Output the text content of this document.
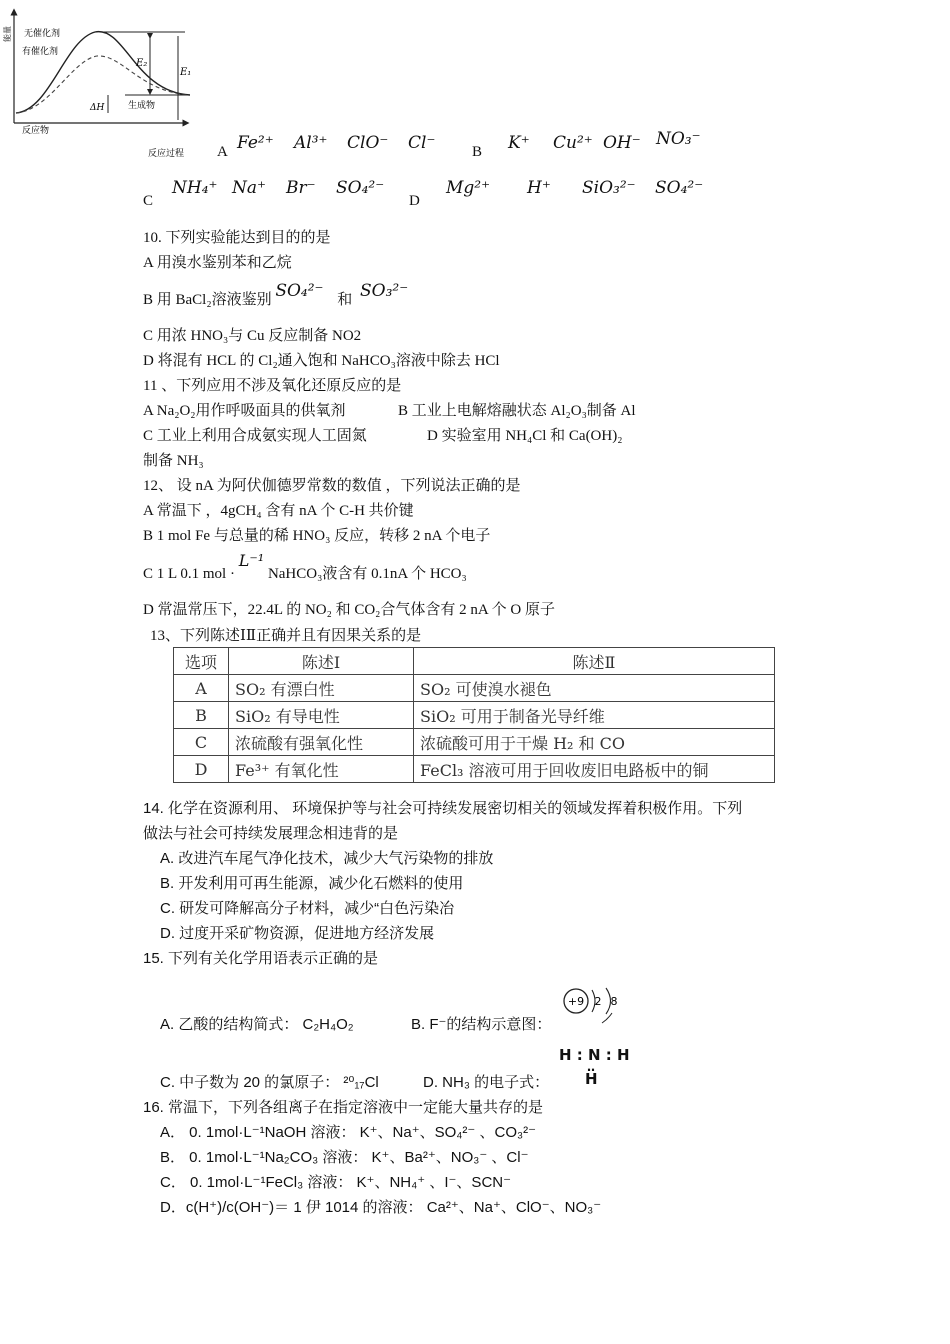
能量 无催化剂
有催化剂
E₂
E₁
ΔH	生成物
反应物
反应过程 A Fe²⁺ Al³⁺ ClO⁻ Cl⁻ B K⁺ Cu²⁺ OH⁻ NO₃⁻
C
NH₄⁺ Na⁺ Br⁻ SO₄²⁻
D
Mg²⁺ H⁺ SiO₃²⁻ SO₄²⁻
10. 下列实验能达到目的的是
A 用溴水鉴别苯和乙烷
B 用 BaCl₂溶液鉴别 SO₄²⁻ 和 SO₃²⁻
C 用浓 HNO₃与 Cu 反应制备 NO2
D 将混有 HCL 的 Cl₂通入饱和 NaHCO₃溶液中除去 HCl
11 、下列应用不涉及氧化还原反应的是
A Na₂O₂用作呼吸面具的供氧剂	B 工业上电解熔融状态 Al₂O₃制备 Al
C 工业上利用合成氨实现人工固氮	D 实验室用 NH₄Cl 和 Ca(OH)₂
制备 NH₃
12、 设 nA 为阿伏伽德罗常数的数值 ，下列说法正确的是
A 常温下 ，4gCH₄ 含有 nA 个 C-H 共价键
B 1 mol Fe 与总量的稀 HNO₃ 反应，转移 2 nA 个电子
C 1 L 0.1 mol · L⁻¹ NaHCO₃液含有 0.1nA 个 HCO₃
D 常温常压下，22.4L 的 NO₂ 和 CO₂合气体含有 2 nA 个 O 原子
13、下列陈述ⅠⅡ正确并且有因果关系的是
选项	陈述Ⅰ	陈述Ⅱ
A	SO₂ 有漂白性	SO₂ 可使溴水褪色
B	SiO₂ 有导电性	SiO₂ 可用于制备光导纤维
C	浓硫酸有强氧化性	浓硫酸可用于干燥 H₂ 和 CO
D	Fe³⁺ 有氧化性	FeCl₃ 溶液可用于回收废旧电路板中的铜
14. 化学在资源利用、 环境保护等与社会可持续发展密切相关的领域发挥着积极作用。下列
做法与社会可持续发展理念相违背的是
A. 改进汽车尾气净化技术，减少大气污染物的排放
B. 开发利用可再生能源，减少化石燃料的使用
C. 研发可降解高分子材料，减少“白色污染冶
D. 过度开采矿物资源，促进地方经济发展
15. 下列有关化学用语表示正确的是
A. 乙酸的结构简式： C₂H₄O₂	B. F⁻的结构示意图：
+9 2 8
C. 中子数为 20 的氯原子： ²⁰₁₇Cl	D. NH₃ 的电子式：
H : N : H
‥
H
16. 常温下，下列各组离子在指定溶液中一定能大量共存的是
A． 0. 1mol·L⁻¹NaOH 溶液： K⁺、Na⁺、SO₄²⁻ 、CO₃²⁻
B． 0. 1mol·L⁻¹Na₂CO₃ 溶液： K⁺、Ba²⁺、NO₃⁻ 、Cl⁻
C． 0. 1mol·L⁻¹FeCl₃ 溶液： K⁺、NH₄⁺ 、I⁻、SCN⁻
D．c(H⁺)/c(OH⁻)＝ 1 伊 1014 的溶液： Ca²⁺、Na⁺、ClO⁻、NO₃⁻
